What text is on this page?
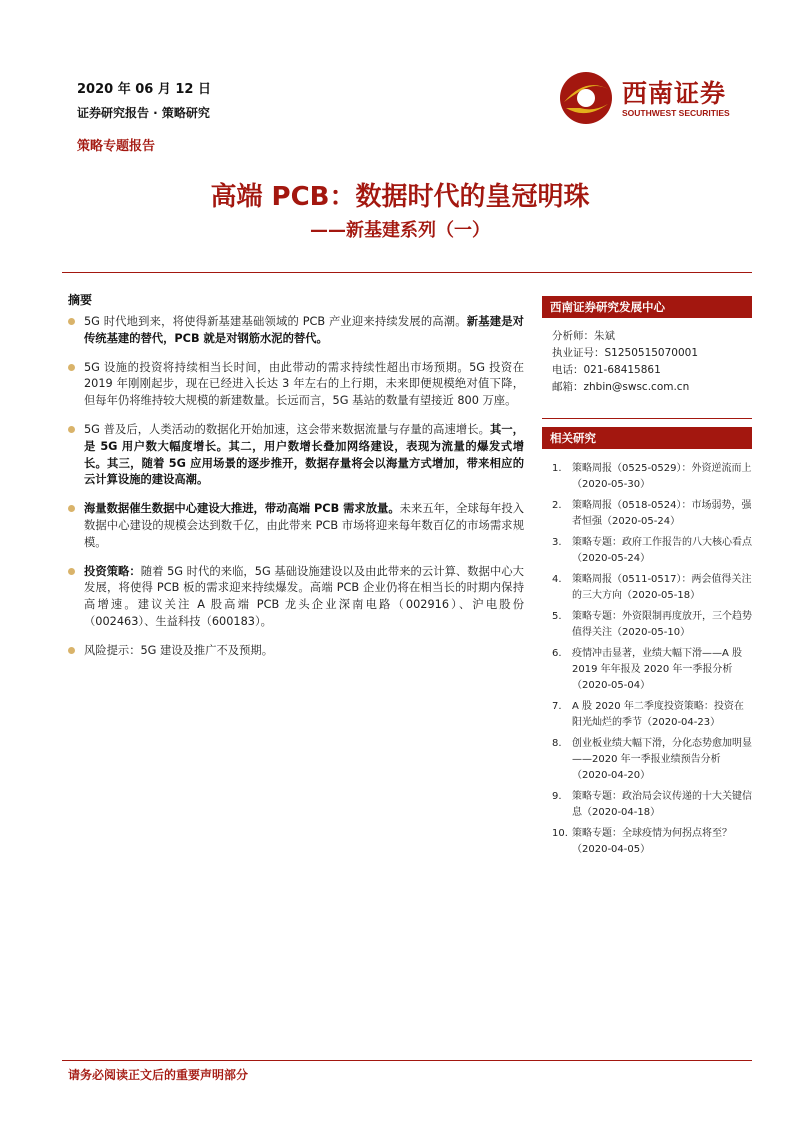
2020 年 06 月 12 日
证券研究报告 · 策略研究
策略专题报告
西南证券
SOUTHWEST SECURITIES
高端 PCB：数据时代的皇冠明珠
——新基建系列（一）
摘要
5G 时代地到来，将使得新基建基础领域的 PCB 产业迎来持续发展的高潮。新基建是对传统基建的替代，PCB 就是对钢筋水泥的替代。
5G 设施的投资将持续相当长时间，由此带动的需求持续性超出市场预期。5G 投资在 2019 年刚刚起步，现在已经进入长达 3 年左右的上行期，未来即便规模绝对值下降，但每年仍将维持较大规模的新建数量。长远而言，5G 基站的数量有望接近 800 万座。
5G 普及后，人类活动的数据化开始加速，这会带来数据流量与存量的高速增长。其一，是 5G 用户数大幅度增长。其二，用户数增长叠加网络建设，表现为流量的爆发式增长。其三，随着 5G 应用场景的逐步推开，数据存量将会以海量方式增加，带来相应的云计算设施的建设高潮。
海量数据催生数据中心建设大推进，带动高端 PCB 需求放量。未来五年，全球每年投入数据中心建设的规模会达到数千亿，由此带来 PCB 市场将迎来每年数百亿的市场需求规模。
投资策略：随着 5G 时代的来临，5G 基础设施建设以及由此带来的云计算、数据中心大发展，将使得 PCB 板的需求迎来持续爆发。高端 PCB 企业仍将在相当长的时期内保持高增速。建议关注 A 股高端 PCB 龙头企业深南电路（002916）、沪电股份（002463）、生益科技（600183）。
风险提示：5G 建设及推广不及预期。
西南证券研究发展中心
分析师：朱斌
执业证号：S1250515070001
电话：021-68415861
邮箱：zhbin@swsc.com.cn
相关研究
1. 策略周报（0525-0529）：外资逆流而上（2020-05-30）
2. 策略周报（0518-0524）：市场弱势，强者恒强（2020-05-24）
3. 策略专题：政府工作报告的八大核心看点（2020-05-24）
4. 策略周报（0511-0517）：两会值得关注的三大方向（2020-05-18）
5. 策略专题：外资限制再度放开，三个趋势值得关注（2020-05-10）
6. 疫情冲击显著，业绩大幅下滑——A 股 2019 年年报及 2020 年一季报分析（2020-05-04）
7. A 股 2020 年二季度投资策略：投资在阳光灿烂的季节（2020-04-23）
8. 创业板业绩大幅下滑，分化态势愈加明显——2020 年一季报业绩预告分析（2020-04-20）
9. 策略专题：政治局会议传递的十大关键信息（2020-04-18）
10. 策略专题：全球疫情为何拐点将至？（2020-04-05）
请务必阅读正文后的重要声明部分
